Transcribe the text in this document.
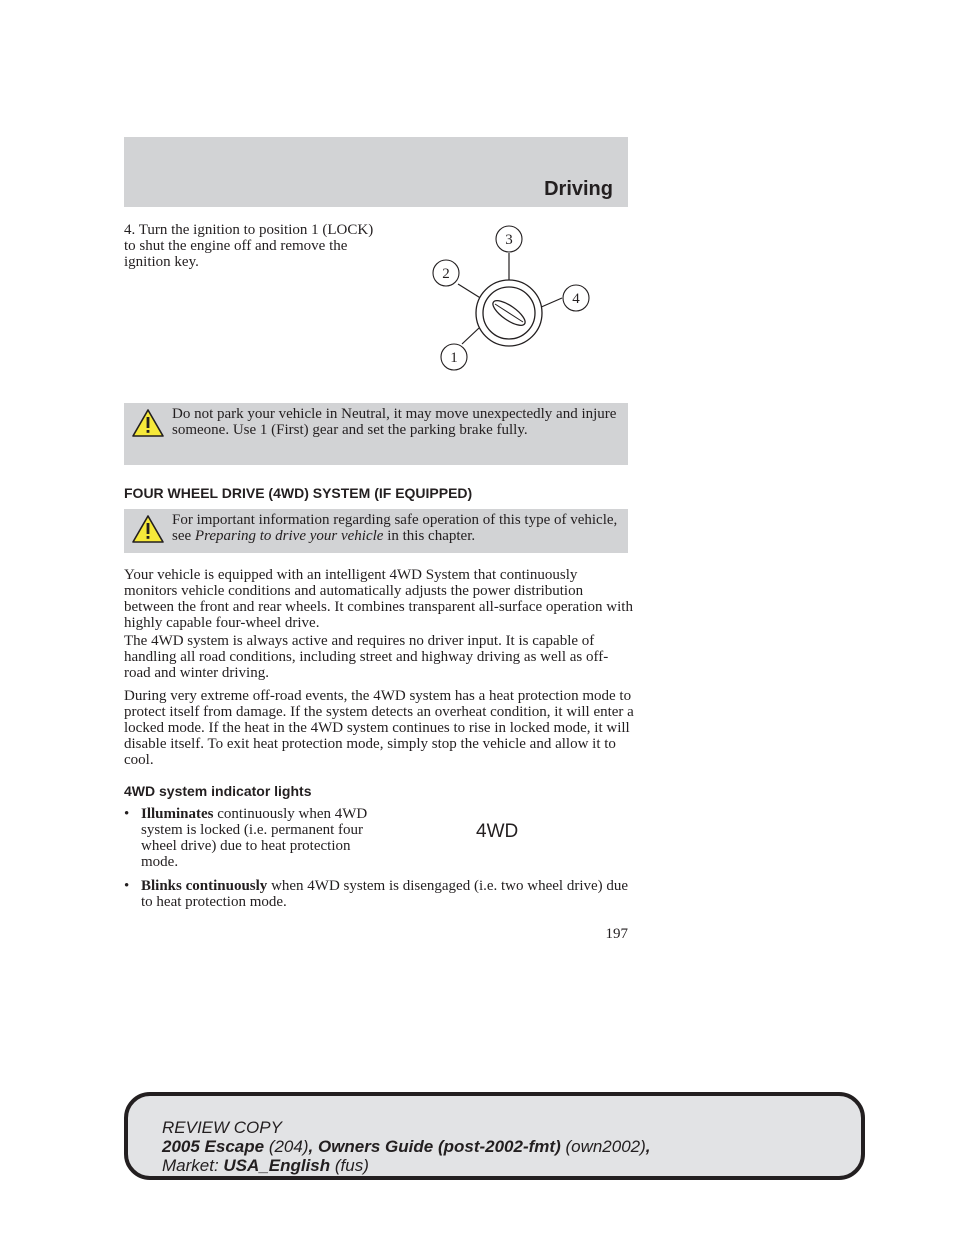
Driving
4. Turn the ignition to position 1 (LOCK) to shut the engine off and remove the ignition key.
3
2
4
1
Do not park your vehicle in Neutral, it may move unexpectedly and injure someone. Use 1 (First) gear and set the parking brake fully.
FOUR WHEEL DRIVE (4WD) SYSTEM (IF EQUIPPED)
For important information regarding safe operation of this type of vehicle, see Preparing to drive your vehicle in this chapter.

Your vehicle is equipped with an intelligent 4WD System that continuously monitors vehicle conditions and automatically adjusts the power distribution between the front and rear wheels. It combines transparent all-surface operation with highly capable four-wheel drive.

The 4WD system is always active and requires no driver input. It is capable of handling all road conditions, including street and highway driving as well as off-road and winter driving.

During very extreme off-road events, the 4WD system has a heat protection mode to protect itself from damage. If the system detects an overheat condition, it will enter a locked mode. If the heat in the 4WD system continues to rise in locked mode, it will disable itself. To exit heat protection mode, simply stop the vehicle and allow it to cool.

4WD system indicator lights
• Illuminates continuously when 4WD system is locked (i.e. permanent four wheel drive) due to heat protection mode.
4WD
• Blinks continuously when 4WD system is disengaged (i.e. two wheel drive) due to heat protection mode.
197
REVIEW COPY
2005 Escape (204), Owners Guide (post-2002-fmt) (own2002),
Market: USA_English (fus)
